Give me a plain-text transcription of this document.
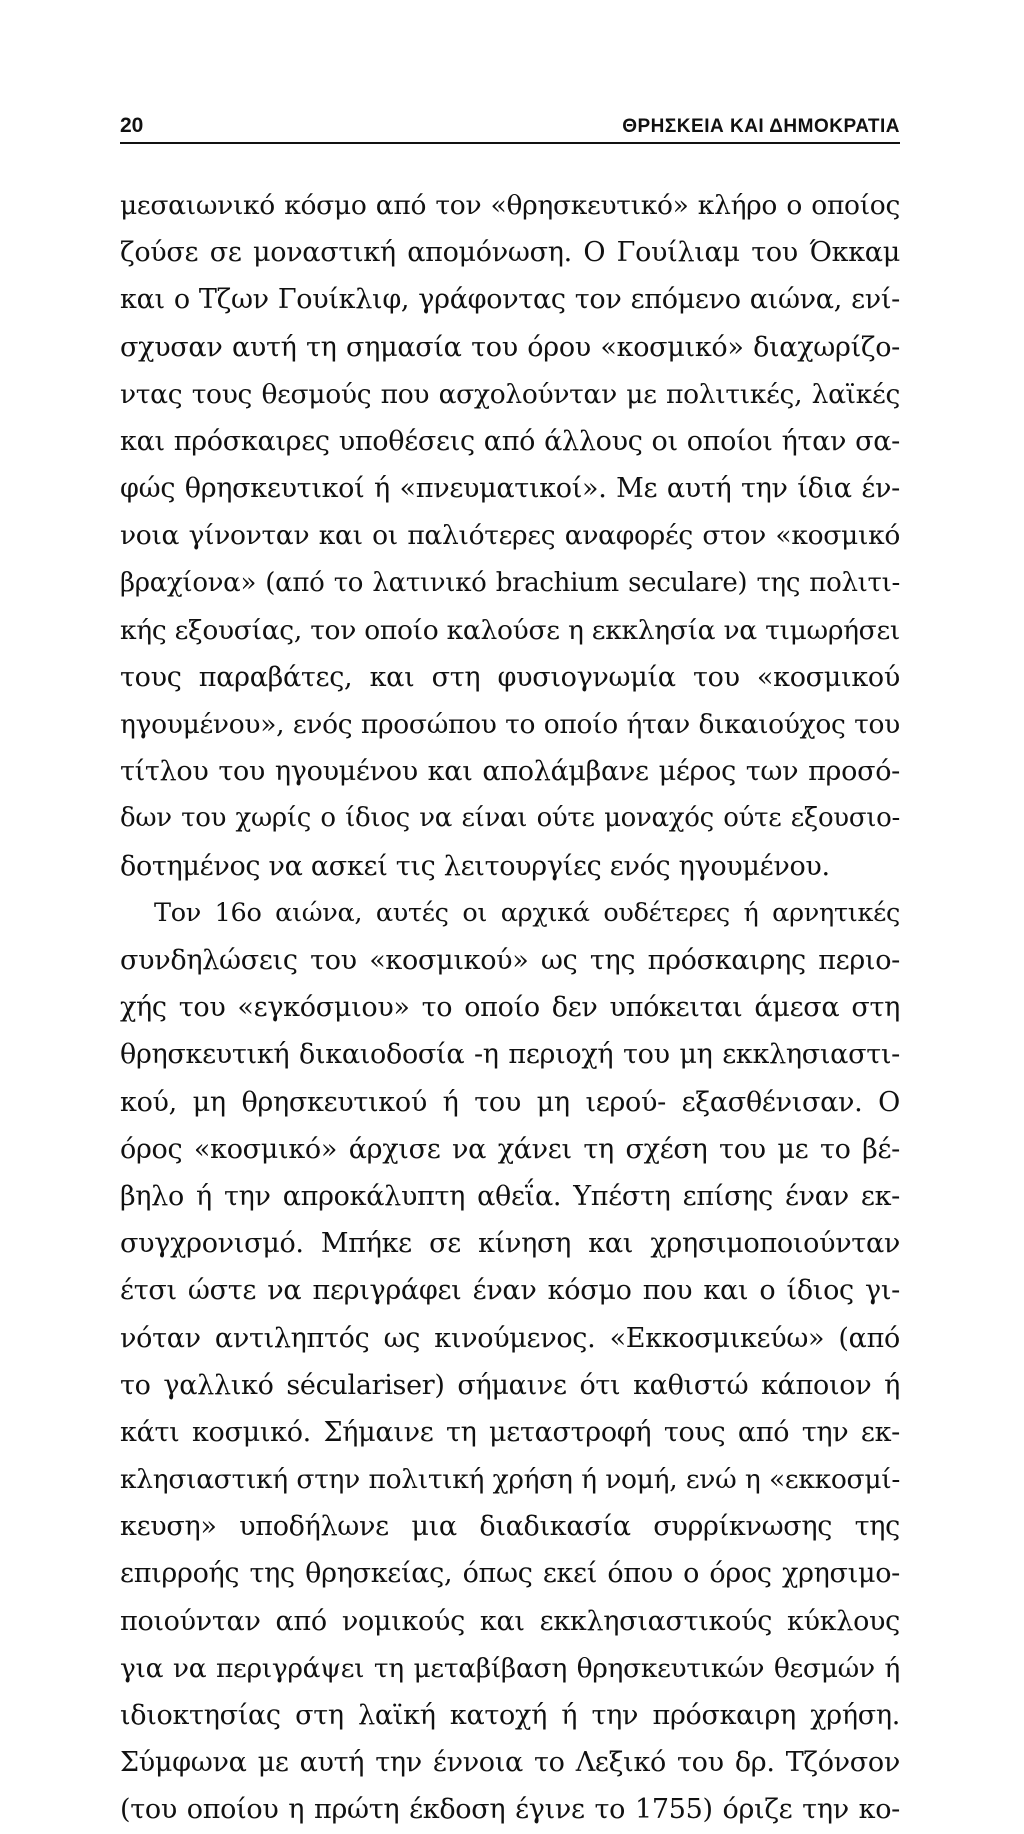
20	ΘΡΗΣΚΕΙΑ ΚΑΙ ΔΗΜΟΚΡΑΤΙΑ
μεσαιωνικό κόσμο από τον «θρησκευτικό» κλήρο ο οποίος
ζούσε σε μοναστική απομόνωση. Ο Γουίλιαμ του Όκκαμ
και ο Τζων Γουίκλιφ, γράφοντας τον επόμενο αιώνα, ενί-
σχυσαν αυτή τη σημασία του όρου «κοσμικό» διαχωρίζο-
ντας τους θεσμούς που ασχολούνταν με πολιτικές, λαϊκές
και πρόσκαιρες υποθέσεις από άλλους οι οποίοι ήταν σα-
φώς θρησκευτικοί ή «πνευματικοί». Με αυτή την ίδια έν-
νοια γίνονταν και οι παλιότερες αναφορές στον «κοσμικό
βραχίονα» (από το λατινικό brachium seculare) της πολιτι-
κής εξουσίας, τον οποίο καλούσε η εκκλησία να τιμωρήσει
τους παραβάτες, και στη φυσιογνωμία του «κοσμικού
ηγουμένου», ενός προσώπου το οποίο ήταν δικαιούχος του
τίτλου του ηγουμένου και απολάμβανε μέρος των προσό-
δων του χωρίς ο ίδιος να είναι ούτε μοναχός ούτε εξουσιο-
δοτημένος να ασκεί τις λειτουργίες ενός ηγουμένου.
Τον 16ο αιώνα, αυτές οι αρχικά ουδέτερες ή αρνητικές
συνδηλώσεις του «κοσμικού» ως της πρόσκαιρης περιο-
χής του «εγκόσμιου» το οποίο δεν υπόκειται άμεσα στη
θρησκευτική δικαιοδοσία -η περιοχή του μη εκκλησιαστι-
κού, μη θρησκευτικού ή του μη ιερού- εξασθένισαν. Ο
όρος «κοσμικό» άρχισε να χάνει τη σχέση του με το βέ-
βηλο ή την απροκάλυπτη αθεΐα. Υπέστη επίσης έναν εκ-
συγχρονισμό. Μπήκε σε κίνηση και χρησιμοποιούνταν
έτσι ώστε να περιγράφει έναν κόσμο που και ο ίδιος γι-
νόταν αντιληπτός ως κινούμενος. «Εκκοσμικεύω» (από
το γαλλικό séculariser) σήμαινε ότι καθιστώ κάποιον ή
κάτι κοσμικό. Σήμαινε τη μεταστροφή τους από την εκ-
κλησιαστική στην πολιτική χρήση ή νομή, ενώ η «εκκοσμί-
κευση» υποδήλωνε μια διαδικασία συρρίκνωσης της
επιρροής της θρησκείας, όπως εκεί όπου ο όρος χρησιμο-
ποιούνταν από νομικούς και εκκλησιαστικούς κύκλους
για να περιγράψει τη μεταβίβαση θρησκευτικών θεσμών ή
ιδιοκτησίας στη λαϊκή κατοχή ή την πρόσκαιρη χρήση.
Σύμφωνα με αυτή την έννοια το Λεξικό του δρ. Τζόνσον
(του οποίου η πρώτη έκδοση έγινε το 1755) όριζε την κο-
